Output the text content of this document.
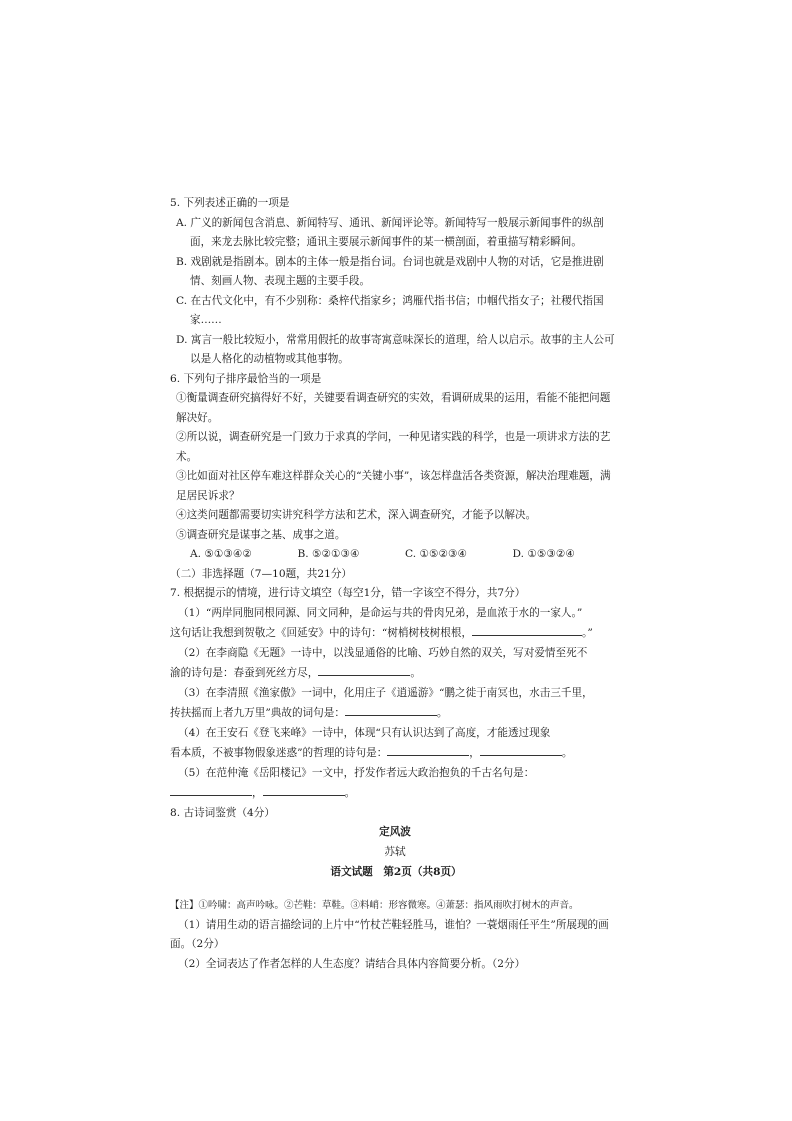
5. 下列表述正确的一项是

A. 广义的新闻包含消息、新闻特写、通讯、新闻评论等。新闻特写一般展示新闻事件的纵剖面，来龙去脉比较完整；通讯主要展示新闻事件的某一横剖面，着重描写精彩瞬间。

B. 戏剧就是指剧本。剧本的主体一般是指台词。台词也就是戏剧中人物的对话，它是推进剧情、刻画人物、表现主题的主要手段。

C. 在古代文化中，有不少别称：桑梓代指家乡；鸿雁代指书信；巾帼代指女子；社稷代指国家……

D. 寓言一般比较短小，常常用假托的故事寄寓意味深长的道理，给人以启示。故事的主人公可以是人格化的动植物或其他事物。

6. 下列句子排序最恰当的一项是

①衡量调查研究搞得好不好，关键要看调查研究的实效，看调研成果的运用，看能不能把问题解决好。

②所以说，调查研究是一门致力于求真的学问，一种见诸实践的科学，也是一项讲求方法的艺术。

③比如面对社区停车难这样群众关心的“关键小事”，该怎样盘活各类资源，解决治理难题，满足居民诉求？

④这类问题都需要切实讲究科学方法和艺术，深入调查研究，才能予以解决。

⑤调查研究是谋事之基、成事之道。

A. ⑤①③④②	B. ⑤②①③④	C. ①⑤②③④	D. ①⑤③②④

（二）非选择题（7—10题，共21分）

7. 根据提示的情境，进行诗文填空（每空1分，错一字该空不得分，共7分）

（1）“两岸同胞同根同源、同文同种，是命运与共的骨肉兄弟，是血浓于水的一家人。”

这句话让我想到贺敬之《回延安》中的诗句：“树梢树枝树根根，	。”

（2）在李商隐《无题》一诗中，以浅显通俗的比喻、巧妙自然的双关，写对爱情至死不

渝的诗句是：春蚕到死丝方尽，	。

（3）在李清照《渔家傲》一词中，化用庄子《逍遥游》“鹏之徙于南冥也，水击三千里，

抟扶摇而上者九万里”典故的词句是：	。

（4）在王安石《登飞来峰》一诗中，体现“只有认识达到了高度，才能透过现象

看本质，不被事物假象迷惑”的哲理的诗句是：	，	。

（5）在范仲淹《岳阳楼记》一文中，抒发作者远大政治抱负的千古名句是：

，	。

8. 古诗词鉴赏（4分）

定风波

苏轼

【注】①吟啸：高声吟咏。②芒鞋：草鞋。③料峭：形容微寒。④萧瑟：指风雨吹打树木的声音。

（1）请用生动的语言描绘词的上片中“竹杖芒鞋轻胜马，谁怕？一蓑烟雨任平生”所展现的画面。（2分）

（2）全词表达了作者怎样的人生态度？请结合具体内容简要分析。（2分）

语文试题　第2页（共8页）
